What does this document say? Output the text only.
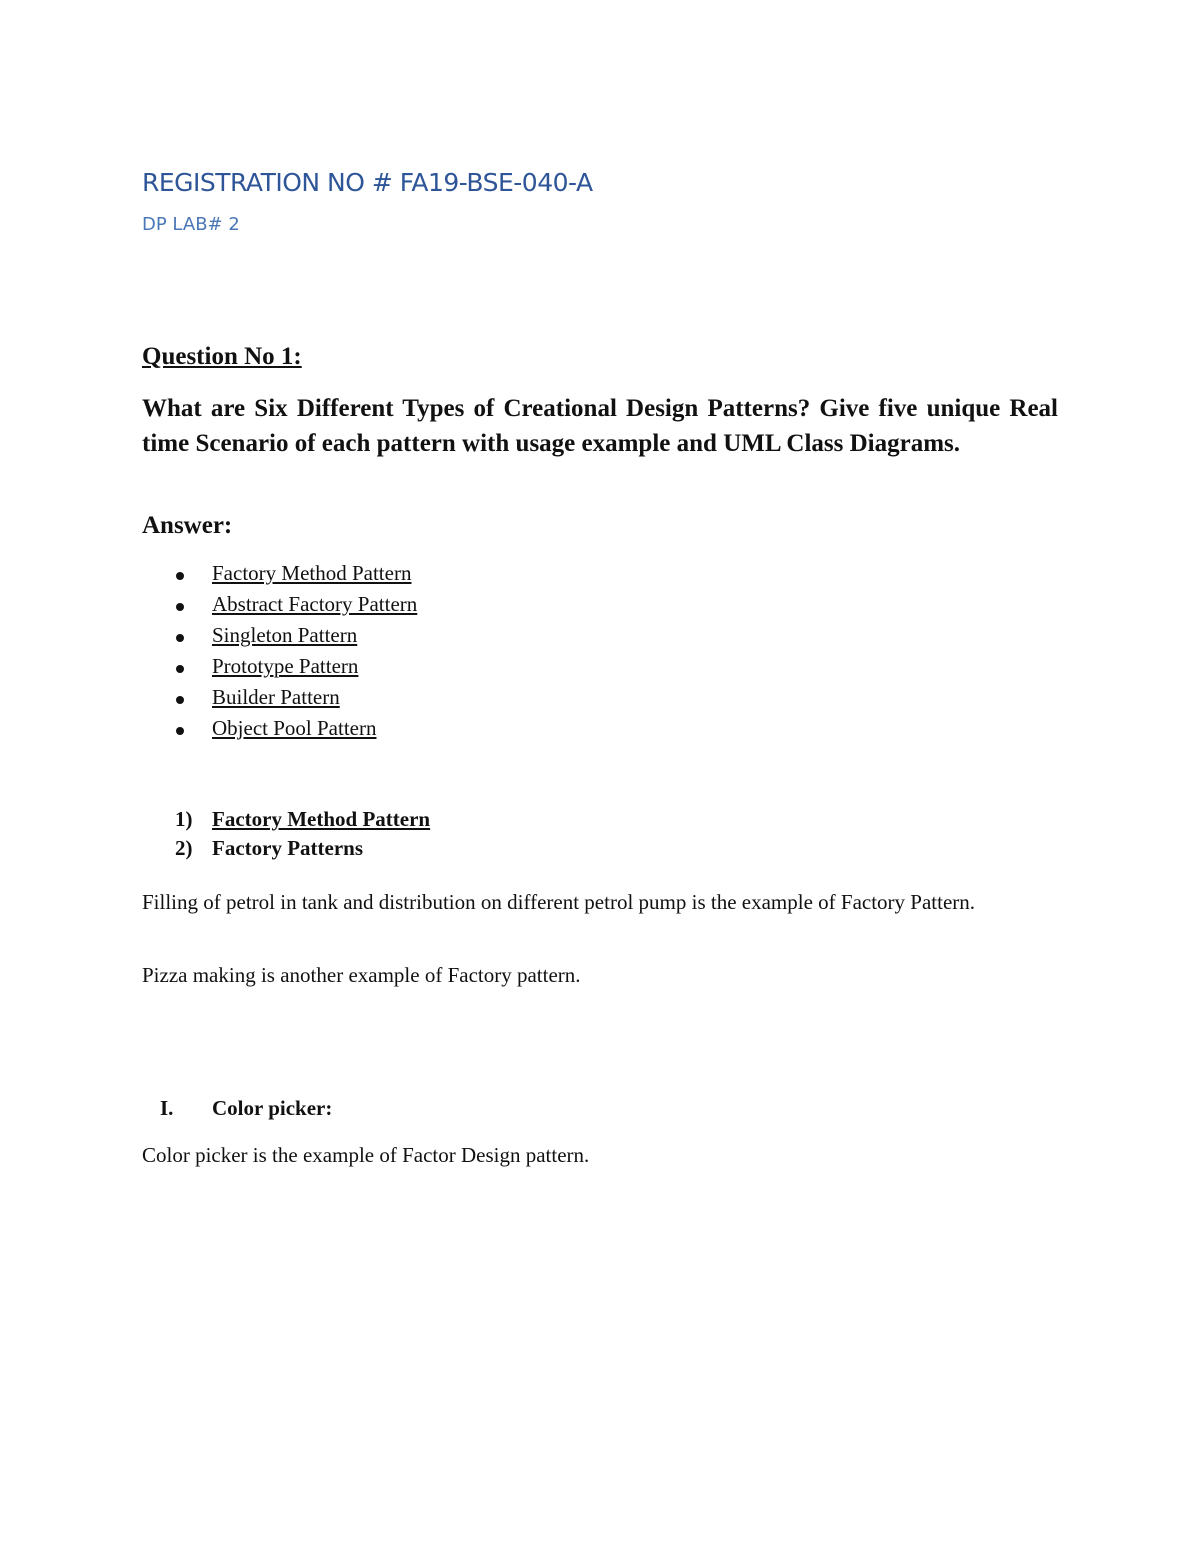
REGISTRATION NO # FA19-BSE-040-A

DP LAB# 2

Question No 1:

What are Six Different Types of Creational Design Patterns? Give five unique Real time Scenario of each pattern with usage example and UML Class Diagrams.

Answer:

Factory Method Pattern
Abstract Factory Pattern
Singleton Pattern
Prototype Pattern
Builder Pattern
Object Pool Pattern
1) Factory Method Pattern
2) Factory Patterns

Filling of petrol in tank and distribution on different petrol pump is the example of Factory Pattern.

Pizza making is another example of Factory pattern.

I. Color picker:

Color picker is the example of Factor Design pattern.
